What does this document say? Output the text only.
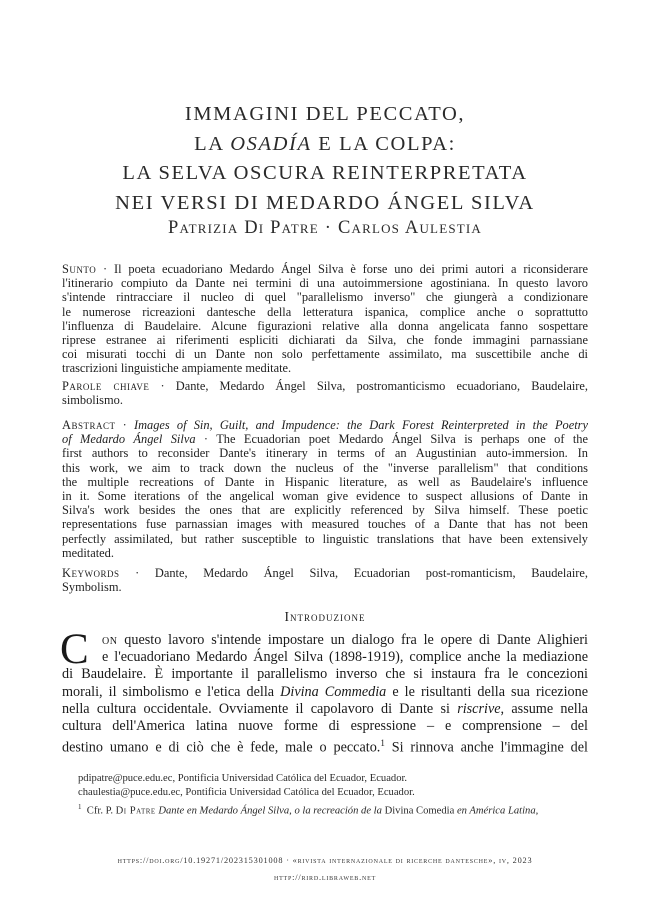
IMMAGINI DEL PECCATO,
LA OSADÍA E LA COLPA:
LA SELVA OSCURA REINTERPRETATA
NEI VERSI DI MEDARDO ÁNGEL SILVA
Patrizia Di Patre · Carlos Aulestia
Sunto · Il poeta ecuadoriano Medardo Ángel Silva è forse uno dei primi autori a riconsiderare
l'itinerario compiuto da Dante nei termini di una autoimmersione agostiniana. In questo lavoro
s'intende rintracciare il nucleo di quel "parallelismo inverso" che giungerà a condizionare
le numerose ricreazioni dantesche della letteratura ispanica, complice anche o soprattutto
l'influenza di Baudelaire. Alcune figurazioni relative alla donna angelicata fanno sospettare
riprese estranee ai riferimenti espliciti dichiarati da Silva, che fonde immagini parnassiane
coi misurati tocchi di un Dante non solo perfettamente assimilato, ma suscettibile anche di
trascrizioni linguistiche ampiamente meditate.
Parole chiave · Dante, Medardo Ángel Silva, postromanticismo ecuadoriano, Baudelaire,
simbolismo.
Abstract · Images of Sin, Guilt, and Impudence: the Dark Forest Reinterpreted in the Poetry
of Medardo Ángel Silva · The Ecuadorian poet Medardo Ángel Silva is perhaps one of the
first authors to reconsider Dante's itinerary in terms of an Augustinian auto-immersion. In
this work, we aim to track down the nucleus of the "inverse parallelism" that conditions
the multiple recreations of Dante in Hispanic literature, as well as Baudelaire's influence
in it. Some iterations of the angelical woman give evidence to suspect allusions of Dante in
Silva's work besides the ones that are explicitly referenced by Silva himself. These poetic
representations fuse parnassian images with measured touches of a Dante that has not been
perfectly assimilated, but rather susceptible to linguistic translations that have been extensively
meditated.
Keywords · Dante, Medardo Ángel Silva, Ecuadorian post-romanticism, Baudelaire,
Symbolism.
Introduzione
C on questo lavoro s'intende impostare un dialogo fra le opere di Dante Alighieri
e l'ecuadoriano Medardo Ángel Silva (1898-1919), complice anche la mediazione
di Baudelaire. È importante il parallelismo inverso che si instaura fra le concezioni
morali, il simbolismo e l'etica della Divina Commedia e le risultanti della sua ricezione
nella cultura occidentale. Ovviamente il capolavoro di Dante si riscrive, assume nella
cultura dell'America latina nuove forme di espressione – e comprensione – del
destino umano e di ciò che è fede, male o peccato.$^1$ Si rinnova anche l'immagine del
pdipatre@puce.edu.ec, Pontificia Universidad Católica del Ecuador, Ecuador.
chaulestia@puce.edu.ec, Pontificia Universidad Católica del Ecuador, Ecuador.
$^1$ Cfr. P. Di Patre Dante en Medardo Ángel Silva, o la recreación de la Divina Comedia en América Latina,
https://doi.org/10.19271/202315301008 · «rivista internazionale di ricerche dantesche», iv, 2023
http://rird.libraweb.net
